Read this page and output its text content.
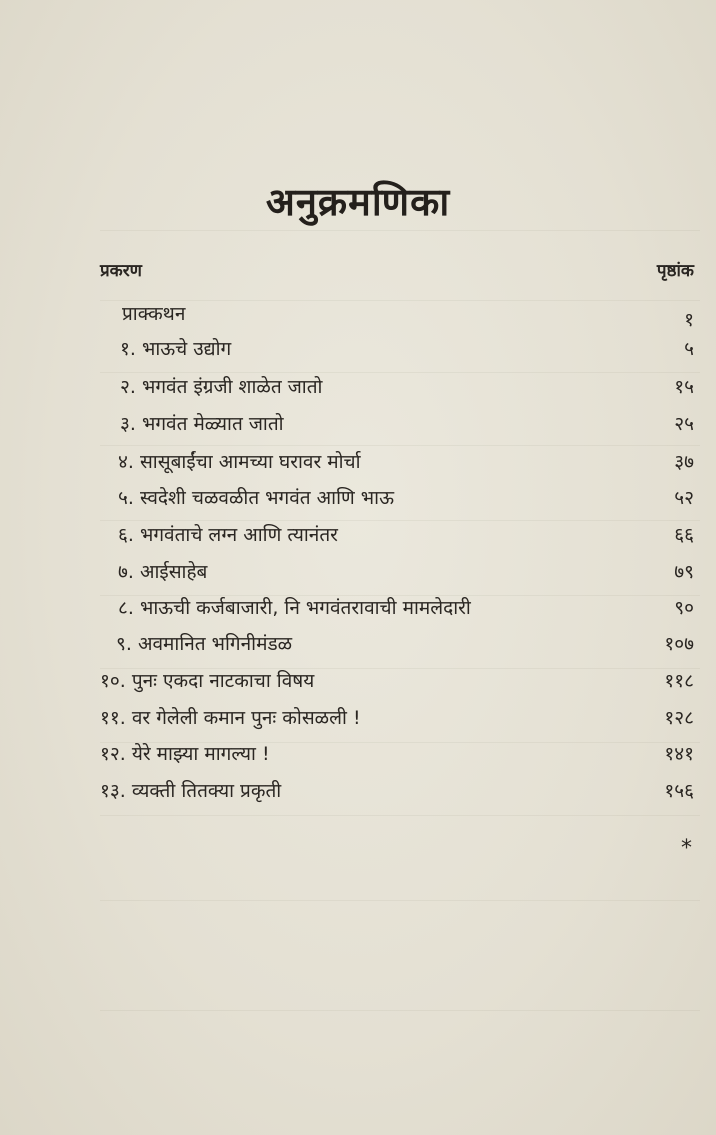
अनुक्रमणिका
प्रकरण	पृष्ठांक
प्राक्कथन	१
१. भाऊचे उद्योग	५
२. भगवंत इंग्रजी शाळेत जातो	१५
३. भगवंत मेळ्यात जातो	२५
४. सासूबाईंचा आमच्या घरावर मोर्चा	३७
५. स्वदेशी चळवळीत भगवंत आणि भाऊ	५२
६. भगवंताचे लग्न आणि त्यानंतर	६६
७. आईसाहेब	७९
८. भाऊची कर्जबाजारी, नि भगवंतरावाची मामलेदारी	९०
९. अवमानित भगिनीमंडळ	१०७
१०. पुनः एकदा नाटकाचा विषय	११८
११. वर गेलेली कमान पुनः कोसळली !	१२८
१२. येरे माझ्या मागल्या !	१४१
१३. व्यक्ती तितक्या प्रकृती	१५६
*
